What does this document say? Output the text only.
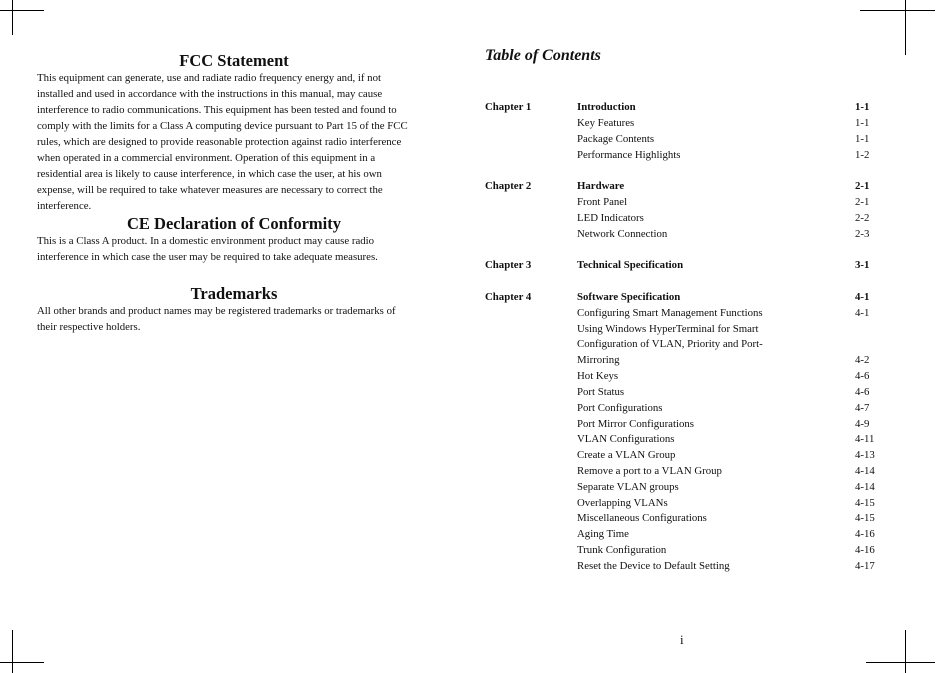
FCC Statement
This equipment can generate, use and radiate radio frequency energy and, if not
installed and used in accordance with the instructions in this manual, may cause
interference to radio communications. This equipment has been tested and found to
comply with the limits for a Class A computing device pursuant to Part 15 of the FCC
rules, which are designed to provide reasonable protection against radio interference
when operated in a commercial environment. Operation of this equipment in a
residential area is likely to cause interference, in which case the user, at his own
expense, will be required to take whatever measures are necessary to correct the
interference.
CE Declaration of Conformity
This is a Class A product. In a domestic environment product may cause radio
interference in which case the user may be required to take adequate measures.
Trademarks
All other brands and product names may be registered trademarks or trademarks of
their respective holders.
Table of Contents
Chapter 1	Introduction	1-1
Key Features	1-1
Package Contents	1-1
Performance Highlights	1-2
Chapter 2	Hardware	2-1
Front Panel	2-1
LED Indicators	2-2
Network Connection	2-3
Chapter 3	Technical Specification	3-1
Chapter 4	Software Specification	4-1
Configuring Smart Management Functions	4-1
Using Windows HyperTerminal for Smart
Configuration of VLAN, Priority and Port-
Mirroring	4-2
Hot Keys	4-6
Port Status	4-6
Port Configurations	4-7
Port Mirror Configurations	4-9
VLAN Configurations	4-11
Create a VLAN Group	4-13
Remove a port to a VLAN Group	4-14
Separate VLAN groups	4-14
Overlapping VLANs	4-15
Miscellaneous Configurations	4-15
Aging Time	4-16
Trunk Configuration	4-16
Reset the Device to Default Setting	4-17
i
